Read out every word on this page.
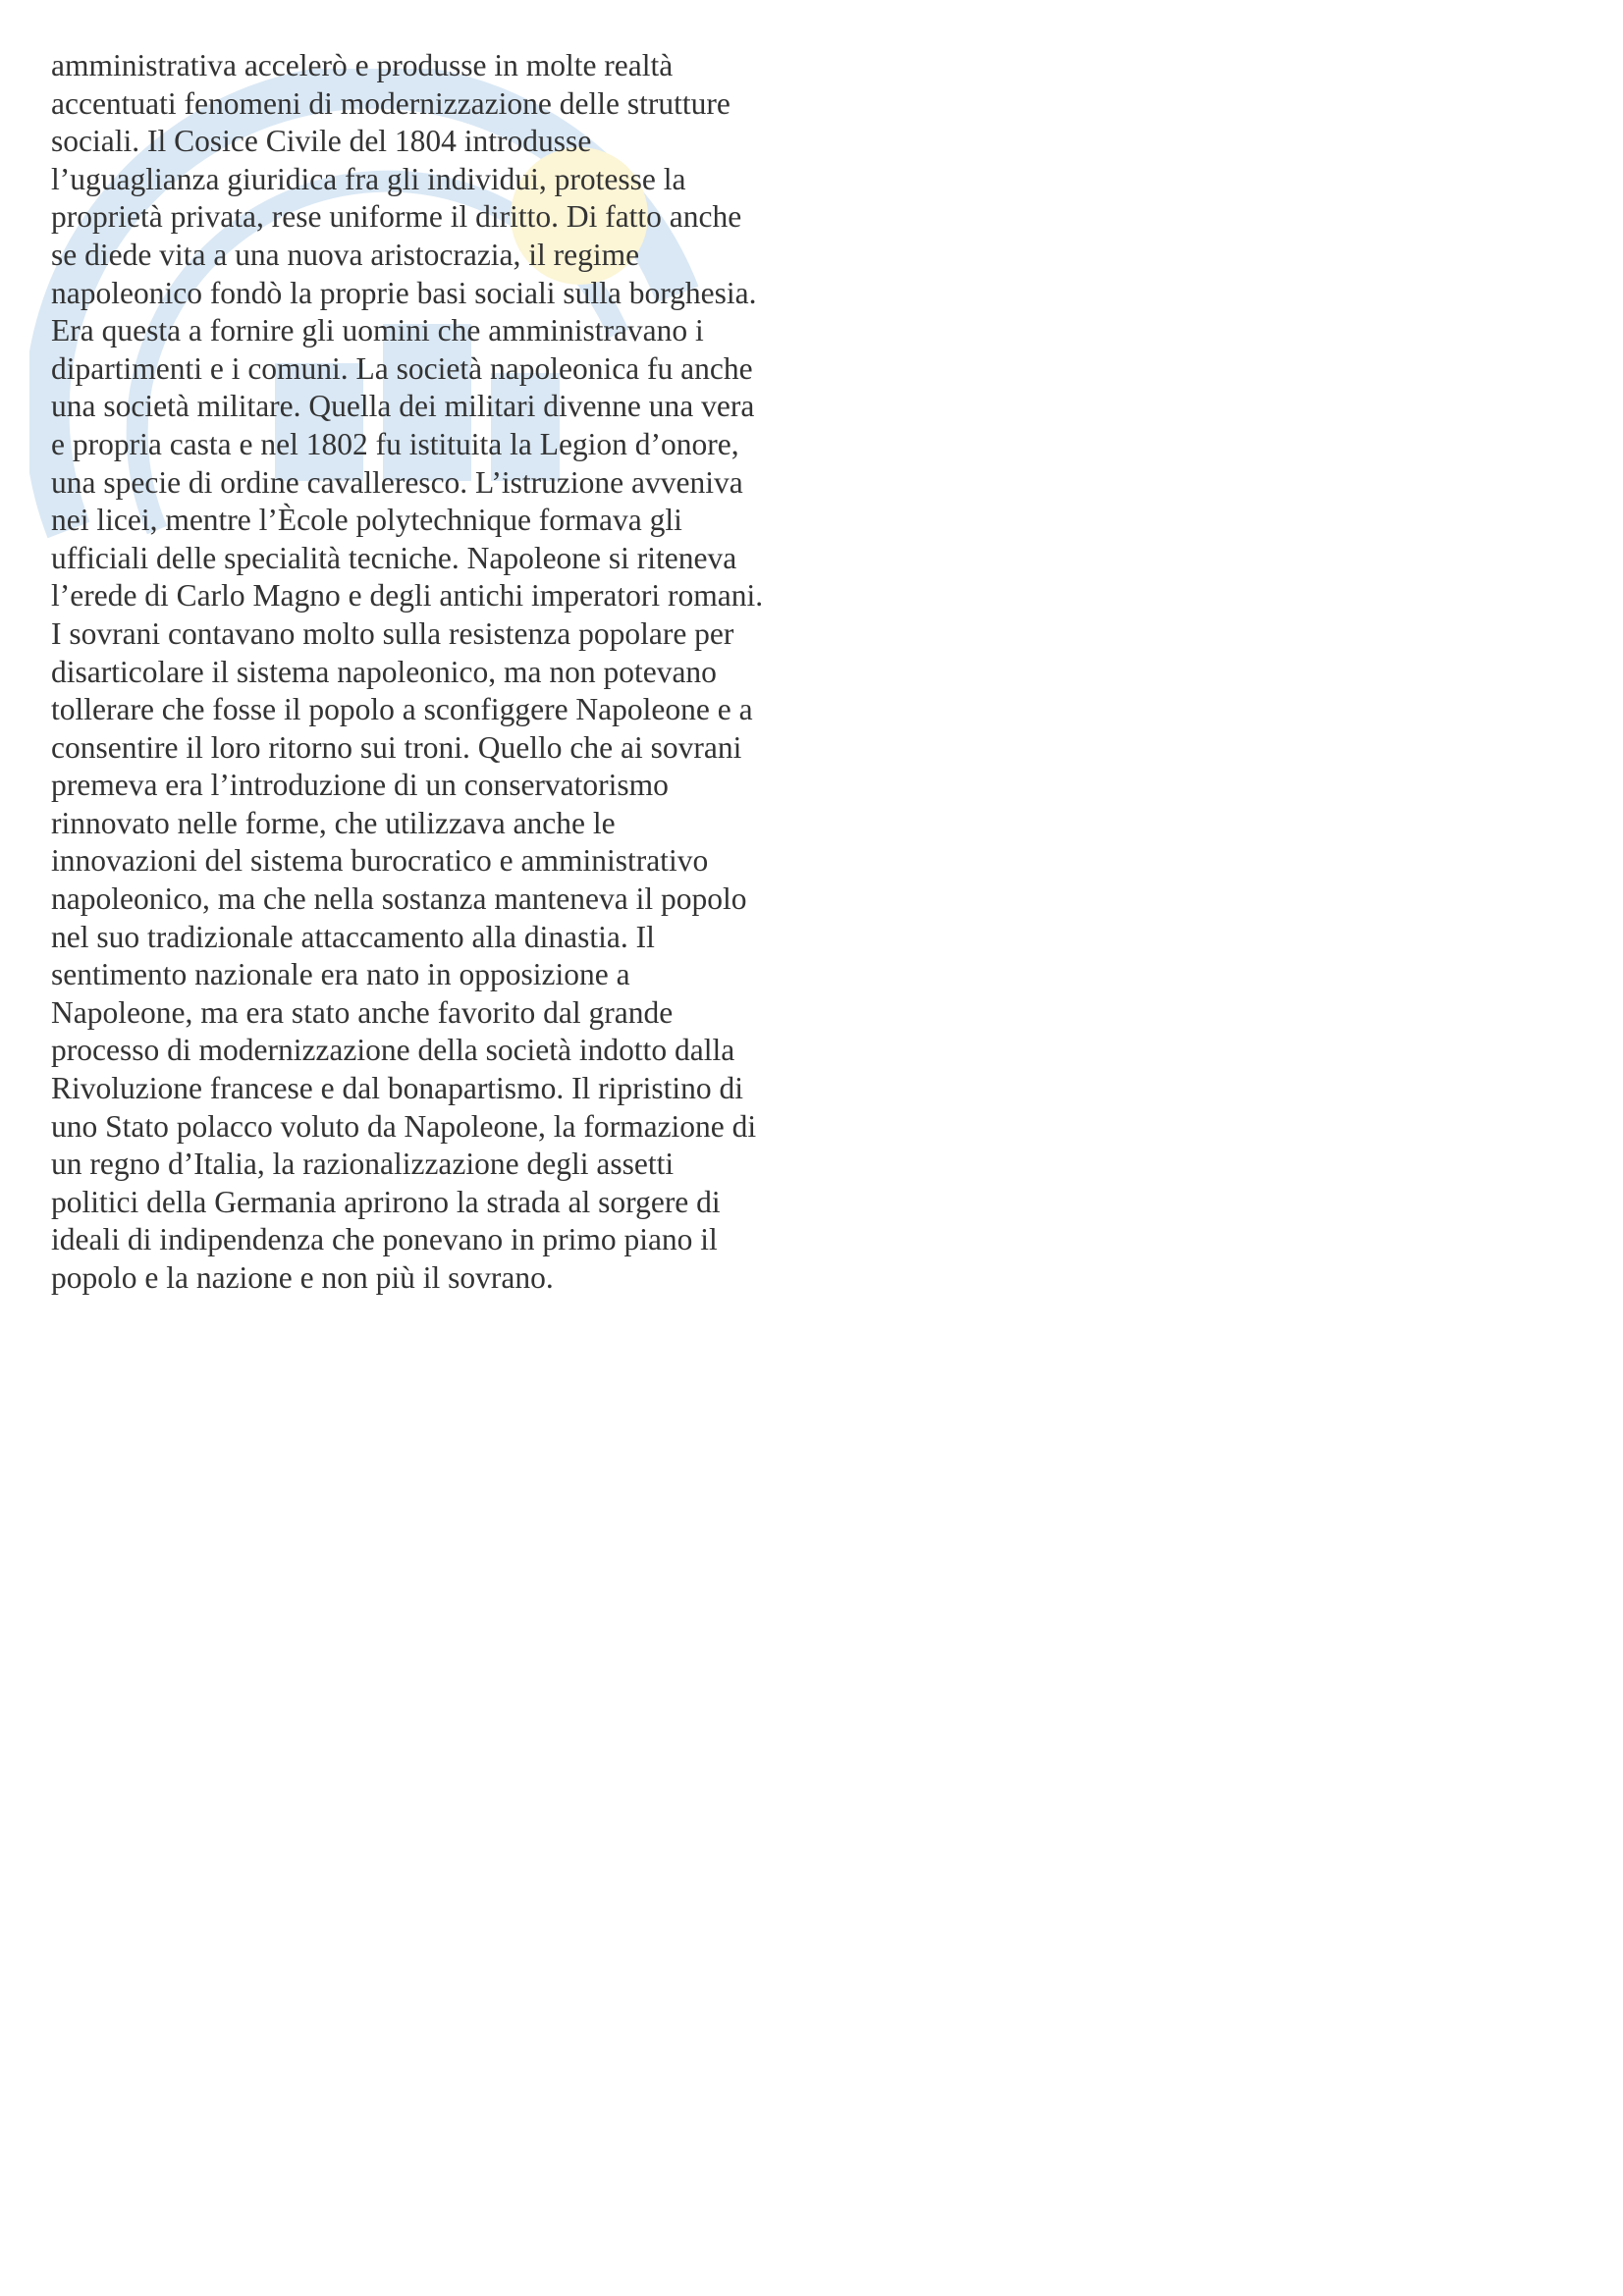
amministrativa accelerò e produsse in molte realtà
accentuati fenomeni di modernizzazione delle strutture
sociali. Il Cosice Civile del 1804 introdusse
l’uguaglianza giuridica fra gli individui, protesse la
proprietà privata, rese uniforme il diritto. Di fatto anche
se diede vita a una nuova aristocrazia, il regime
napoleonico fondò la proprie basi sociali sulla borghesia.
Era questa a fornire gli uomini che amministravano i
dipartimenti e i comuni. La società napoleonica fu anche
una società militare. Quella dei militari divenne una vera
e propria casta e nel 1802 fu istituita la Legion d’onore,
una specie di ordine cavalleresco. L’istruzione avveniva
nei licei, mentre l’Ècole polytechnique formava gli
ufficiali delle specialità tecniche. Napoleone si riteneva
l’erede di Carlo Magno e degli antichi imperatori romani.
I sovrani contavano molto sulla resistenza popolare per
disarticolare il sistema napoleonico, ma non potevano
tollerare che fosse il popolo a sconfiggere Napoleone e a
consentire il loro ritorno sui troni. Quello che ai sovrani
premeva era l’introduzione di un conservatorismo
rinnovato nelle forme, che utilizzava anche le
innovazioni del sistema burocratico e amministrativo
napoleonico, ma che nella sostanza manteneva il popolo
nel suo tradizionale attaccamento alla dinastia. Il
sentimento nazionale era nato in opposizione a
Napoleone, ma era stato anche favorito dal grande
processo di modernizzazione della società indotto dalla
Rivoluzione francese e dal bonapartismo. Il ripristino di
uno Stato polacco voluto da Napoleone, la formazione di
un regno d’Italia, la razionalizzazione degli assetti
politici della Germania aprirono la strada al sorgere di
ideali di indipendenza che ponevano in primo piano il
popolo e la nazione e non più il sovrano.
